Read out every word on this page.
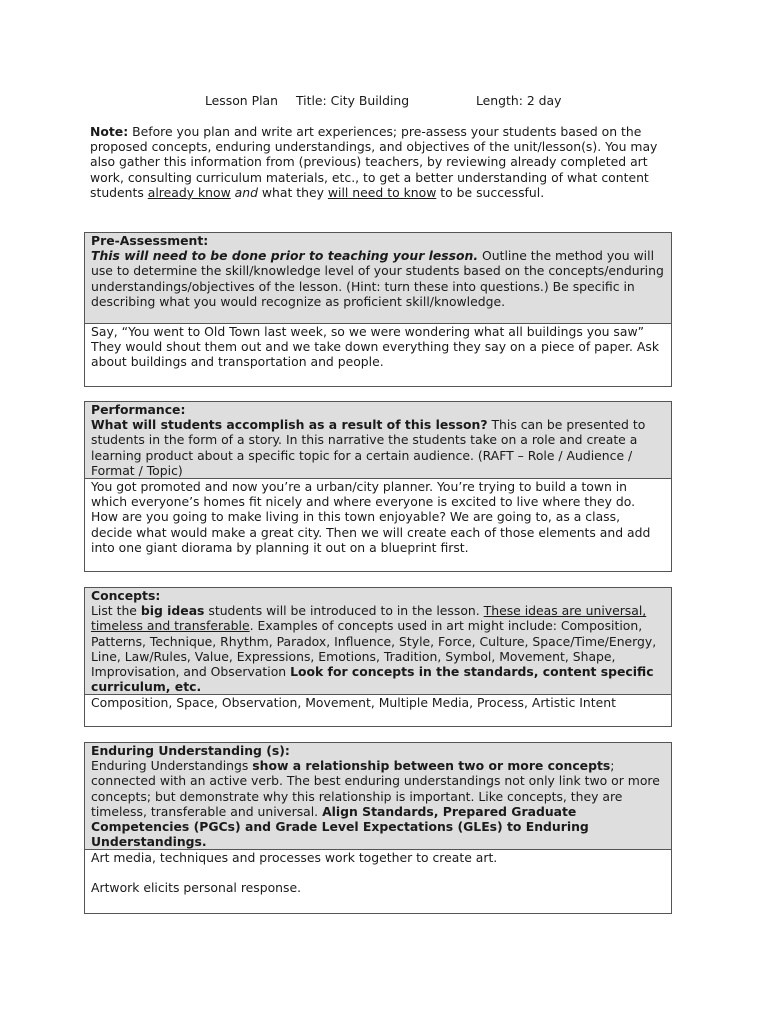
Lesson Plan Title: City Building	Length: 2 day
Note: Before you plan and write art experiences; pre-assess your students based on the proposed concepts, enduring understandings, and objectives of the unit/lesson(s). You may also gather this information from (previous) teachers, by reviewing already completed art work, consulting curriculum materials, etc., to get a better understanding of what content students already know and what they will need to know to be successful.
Pre-Assessment:
This will need to be done prior to teaching your lesson. Outline the method you will use to determine the skill/knowledge level of your students based on the concepts/enduring understandings/objectives of the lesson. (Hint: turn these into questions.) Be specific in describing what you would recognize as proficient skill/knowledge.
Say, “You went to Old Town last week, so we were wondering what all buildings you saw” They would shout them out and we take down everything they say on a piece of paper. Ask about buildings and transportation and people.
Performance:
What will students accomplish as a result of this lesson? This can be presented to students in the form of a story. In this narrative the students take on a role and create a learning product about a specific topic for a certain audience. (RAFT – Role / Audience / Format / Topic)
You got promoted and now you’re a urban/city planner. You’re trying to build a town in which everyone’s homes fit nicely and where everyone is excited to live where they do. How are you going to make living in this town enjoyable? We are going to, as a class, decide what would make a great city. Then we will create each of those elements and add into one giant diorama by planning it out on a blueprint first.
Concepts:
List the big ideas students will be introduced to in the lesson. These ideas are universal, timeless and transferable. Examples of concepts used in art might include: Composition, Patterns, Technique, Rhythm, Paradox, Influence, Style, Force, Culture, Space/Time/Energy, Line, Law/Rules, Value, Expressions, Emotions, Tradition, Symbol, Movement, Shape, Improvisation, and Observation Look for concepts in the standards, content specific curriculum, etc.
Composition, Space, Observation, Movement, Multiple Media, Process, Artistic Intent
Enduring Understanding (s):
Enduring Understandings show a relationship between two or more concepts; connected with an active verb. The best enduring understandings not only link two or more concepts; but demonstrate why this relationship is important. Like concepts, they are timeless, transferable and universal. Align Standards, Prepared Graduate Competencies (PGCs) and Grade Level Expectations (GLEs) to Enduring Understandings.
Art media, techniques and processes work together to create art.
Artwork elicits personal response.
